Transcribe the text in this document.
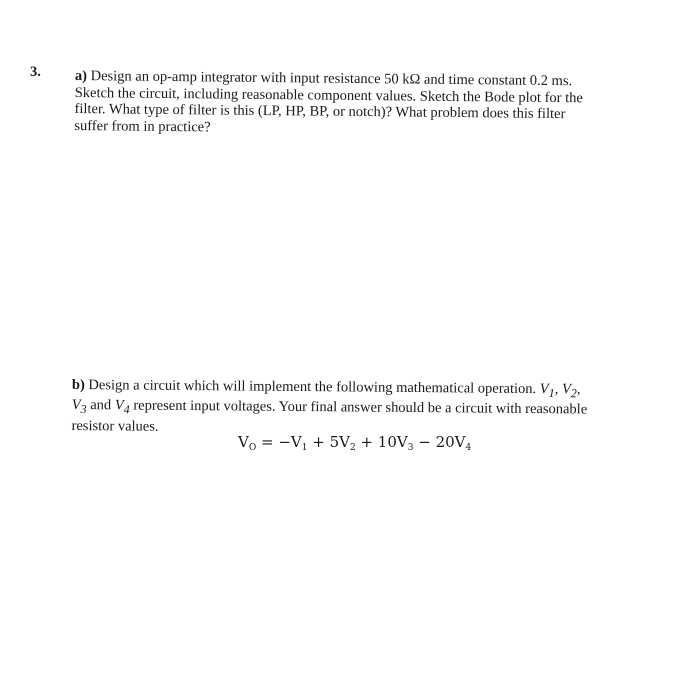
3. a) Design an op-amp integrator with input resistance 50 kΩ and time constant 0.2 ms.
Sketch the circuit, including reasonable component values. Sketch the Bode plot for the
filter. What type of filter is this (LP, HP, BP, or notch)? What problem does this filter
suffer from in practice?
b) Design a circuit which will implement the following mathematical operation. $V_1$, $V_2$,
$V_3$ and $V_4$ represent input voltages. Your final answer should be a circuit with reasonable
resistor values.
$V_O = -V_1 + 5V_2 + 10V_3 - 20V_4$
